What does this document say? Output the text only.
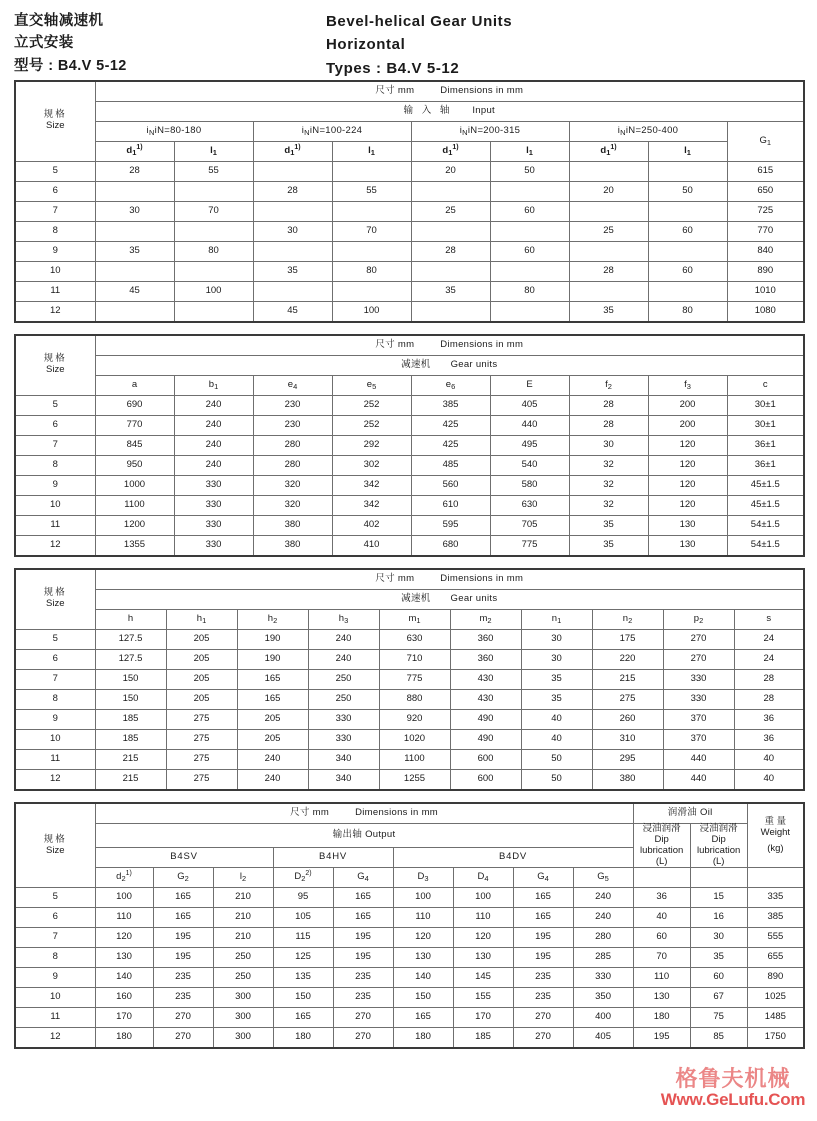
直交轴减速机
立式安装
型号 : B4.V 5-12
Bevel-helical Gear Units
Horizontal
Types : B4.V 5-12
规格
Size	尺寸 mm Dimensions in mm								
	输 入 轴 Input								
	$i_NiN=80-180$		$i_NiN=100-224$		$i_NiN=200-315$		$i_NiN=250-400$		$G_1$
	$d_1^{1)}$	$l_1$	$d_1^{1)}$	$l_1$	$d_1^{1)}$	$l_1$	$d_1^{1)}$	$l_1$
5	28	55			20	50			615
6			28	55			20	50	650
7	30	70			25	60			725
8			30	70			25	60	770
9	35	80			28	60			840
10			35	80			28	60	890
11	45	100			35	80			1010
12			45	100			35	80	1080
规格
Size	尺寸 mm Dimensions in mm								
	减速机 Gear units								
	a	$b_1$	$e_4$	$e_5$	$e_6$	E	$f_2$	$f_3$	c
5	690	240	230	252	385	405	28	200	30±1
6	770	240	230	252	425	440	28	200	30±1
7	845	240	280	292	425	495	30	120	36±1
8	950	240	280	302	485	540	32	120	36±1
9	1000	330	320	342	560	580	32	120	45±1.5
10	1100	330	320	342	610	630	32	120	45±1.5
11	1200	330	380	402	595	705	35	130	54±1.5
12	1355	330	380	410	680	775	35	130	54±1.5
规格
Size	尺寸 mm Dimensions in mm									
	减速机 Gear units									
	h	$h_1$	$h_2$	$h_3$	$m_1$	$m_2$	$n_1$	$n_2$	$p_2$	s
5	127.5	205	190	240	630	360	30	175	270	24
6	127.5	205	190	240	710	360	30	220	270	24
7	150	205	165	250	775	430	35	215	330	28
8	150	205	165	250	880	430	35	275	330	28
9	185	275	205	330	920	490	40	260	370	36
10	185	275	205	330	1020	490	40	310	370	36
11	215	275	240	340	1100	600	50	295	440	40
12	215	275	240	340	1255	600	50	380	440	40
规格
Size
	尺寸 mm	Dimensions in mm	润滑油 Oil	
重 量
Weight
(kg)

输出轴 Output	
浸油润滑
Dip
lubrication
(L)

浸油润滑
Dip
lubrication
(L)

	B4SV			B4HV		B4DV						
	$d_2^{1)}$	$G_2$	$l_2$	$D_2^{2)}$	$G_4$	$D_3$	$D_4$	$G_4$	$G_5$			
5	100	165	210	95	165	100	100	165	240	36	15	335
6	110	165	210	105	165	110	110	165	240	40	16	385
7	120	195	210	115	195	120	120	195	280	60	30	555
8	130	195	250	125	195	130	130	195	285	70	35	655
9	140	235	250	135	235	140	145	235	330	110	60	890
10	160	235	300	150	235	150	155	235	350	130	67	1025
11	170	270	300	165	270	165	170	270	400	180	75	1485
12	180	270	300	180	270	180	185	270	405	195	85	1750
格鲁夫机械
Www.GeLufu.Com
